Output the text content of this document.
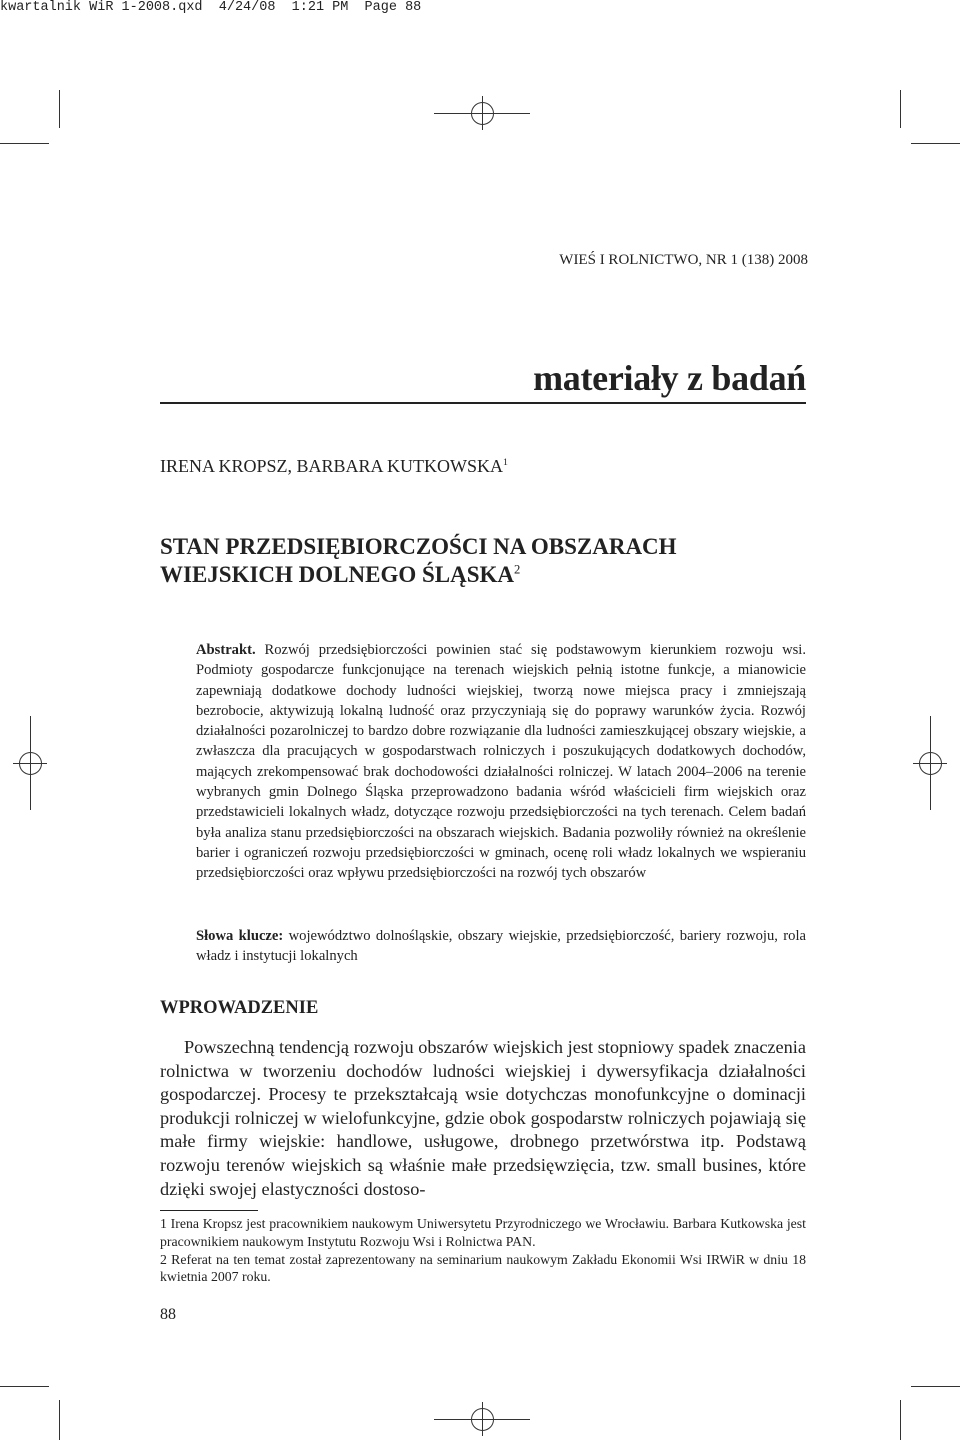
kwartalnik WiR 1-2008.qxd  4/24/08  1:21 PM  Page 88
WIEŚ I ROLNICTWO, NR 1 (138) 2008
materiały z badań
IRENA KROPSZ, BARBARA KUTKOWSKA$^1$
STAN PRZEDSIĘBIORCZOŚCI NA OBSZARACH
WIEJSKICH DOLNEGO ŚLĄSKA$^2$
Abstrakt. Rozwój przedsiębiorczości powinien stać się podstawowym kierunkiem rozwoju wsi. Podmioty gospodarcze funkcjonujące na terenach wiejskich pełnią istotne funkcje, a mianowicie zapewniają dodatkowe dochody ludności wiejskiej, tworzą nowe miejsca pracy i zmniejszają bezrobocie, aktywizują lokalną ludność oraz przyczyniają się do poprawy warunków życia. Rozwój działalności pozarolniczej to bardzo dobre rozwiązanie dla ludności zamieszkującej obszary wiejskie, a zwłaszcza dla pracujących w gospodarstwach rolniczych i poszukujących dodatkowych dochodów, mających zrekompensować brak dochodowości działalności rolniczej. W latach 2004–2006 na terenie wybranych gmin Dolnego Śląska przeprowadzono badania wśród właścicieli firm wiejskich oraz przedstawicieli lokalnych władz, dotyczące rozwoju przedsiębiorczości na tych terenach. Celem badań była analiza stanu przedsiębiorczości na obszarach wiejskich. Badania pozwoliły również na określenie barier i ograniczeń rozwoju przedsiębiorczości w gminach, ocenę roli władz lokalnych we wspieraniu przedsiębiorczości oraz wpływu przedsiębiorczości na rozwój tych obszarów
Słowa klucze: województwo dolnośląskie, obszary wiejskie, przedsiębiorczość, bariery rozwoju, rola władz i instytucji lokalnych
WPROWADZENIE

Powszechną tendencją rozwoju obszarów wiejskich jest stopniowy spadek znaczenia rolnictwa w tworzeniu dochodów ludności wiejskiej i dywersyfikacja działalności gospodarczej. Procesy te przekształcają wsie dotychczas monofunkcyjne o dominacji produkcji rolniczej w wielofunkcyjne, gdzie obok gospodarstw rolniczych pojawiają się małe firmy wiejskie: handlowe, usługowe, drobnego przetwórstwa itp. Podstawą rozwoju terenów wiejskich są właśnie małe przedsięwzięcia, tzw. small busines, które dzięki swojej elastyczności dostoso-

1 Irena Kropsz jest pracownikiem naukowym Uniwersytetu Przyrodniczego we Wrocławiu. Barbara Kutkowska jest pracownikiem naukowym Instytutu Rozwoju Wsi i Rolnictwa PAN.

2 Referat na ten temat został zaprezentowany na seminarium naukowym Zakładu Ekonomii Wsi IRWiR w dniu 18 kwietnia 2007 roku.

88
